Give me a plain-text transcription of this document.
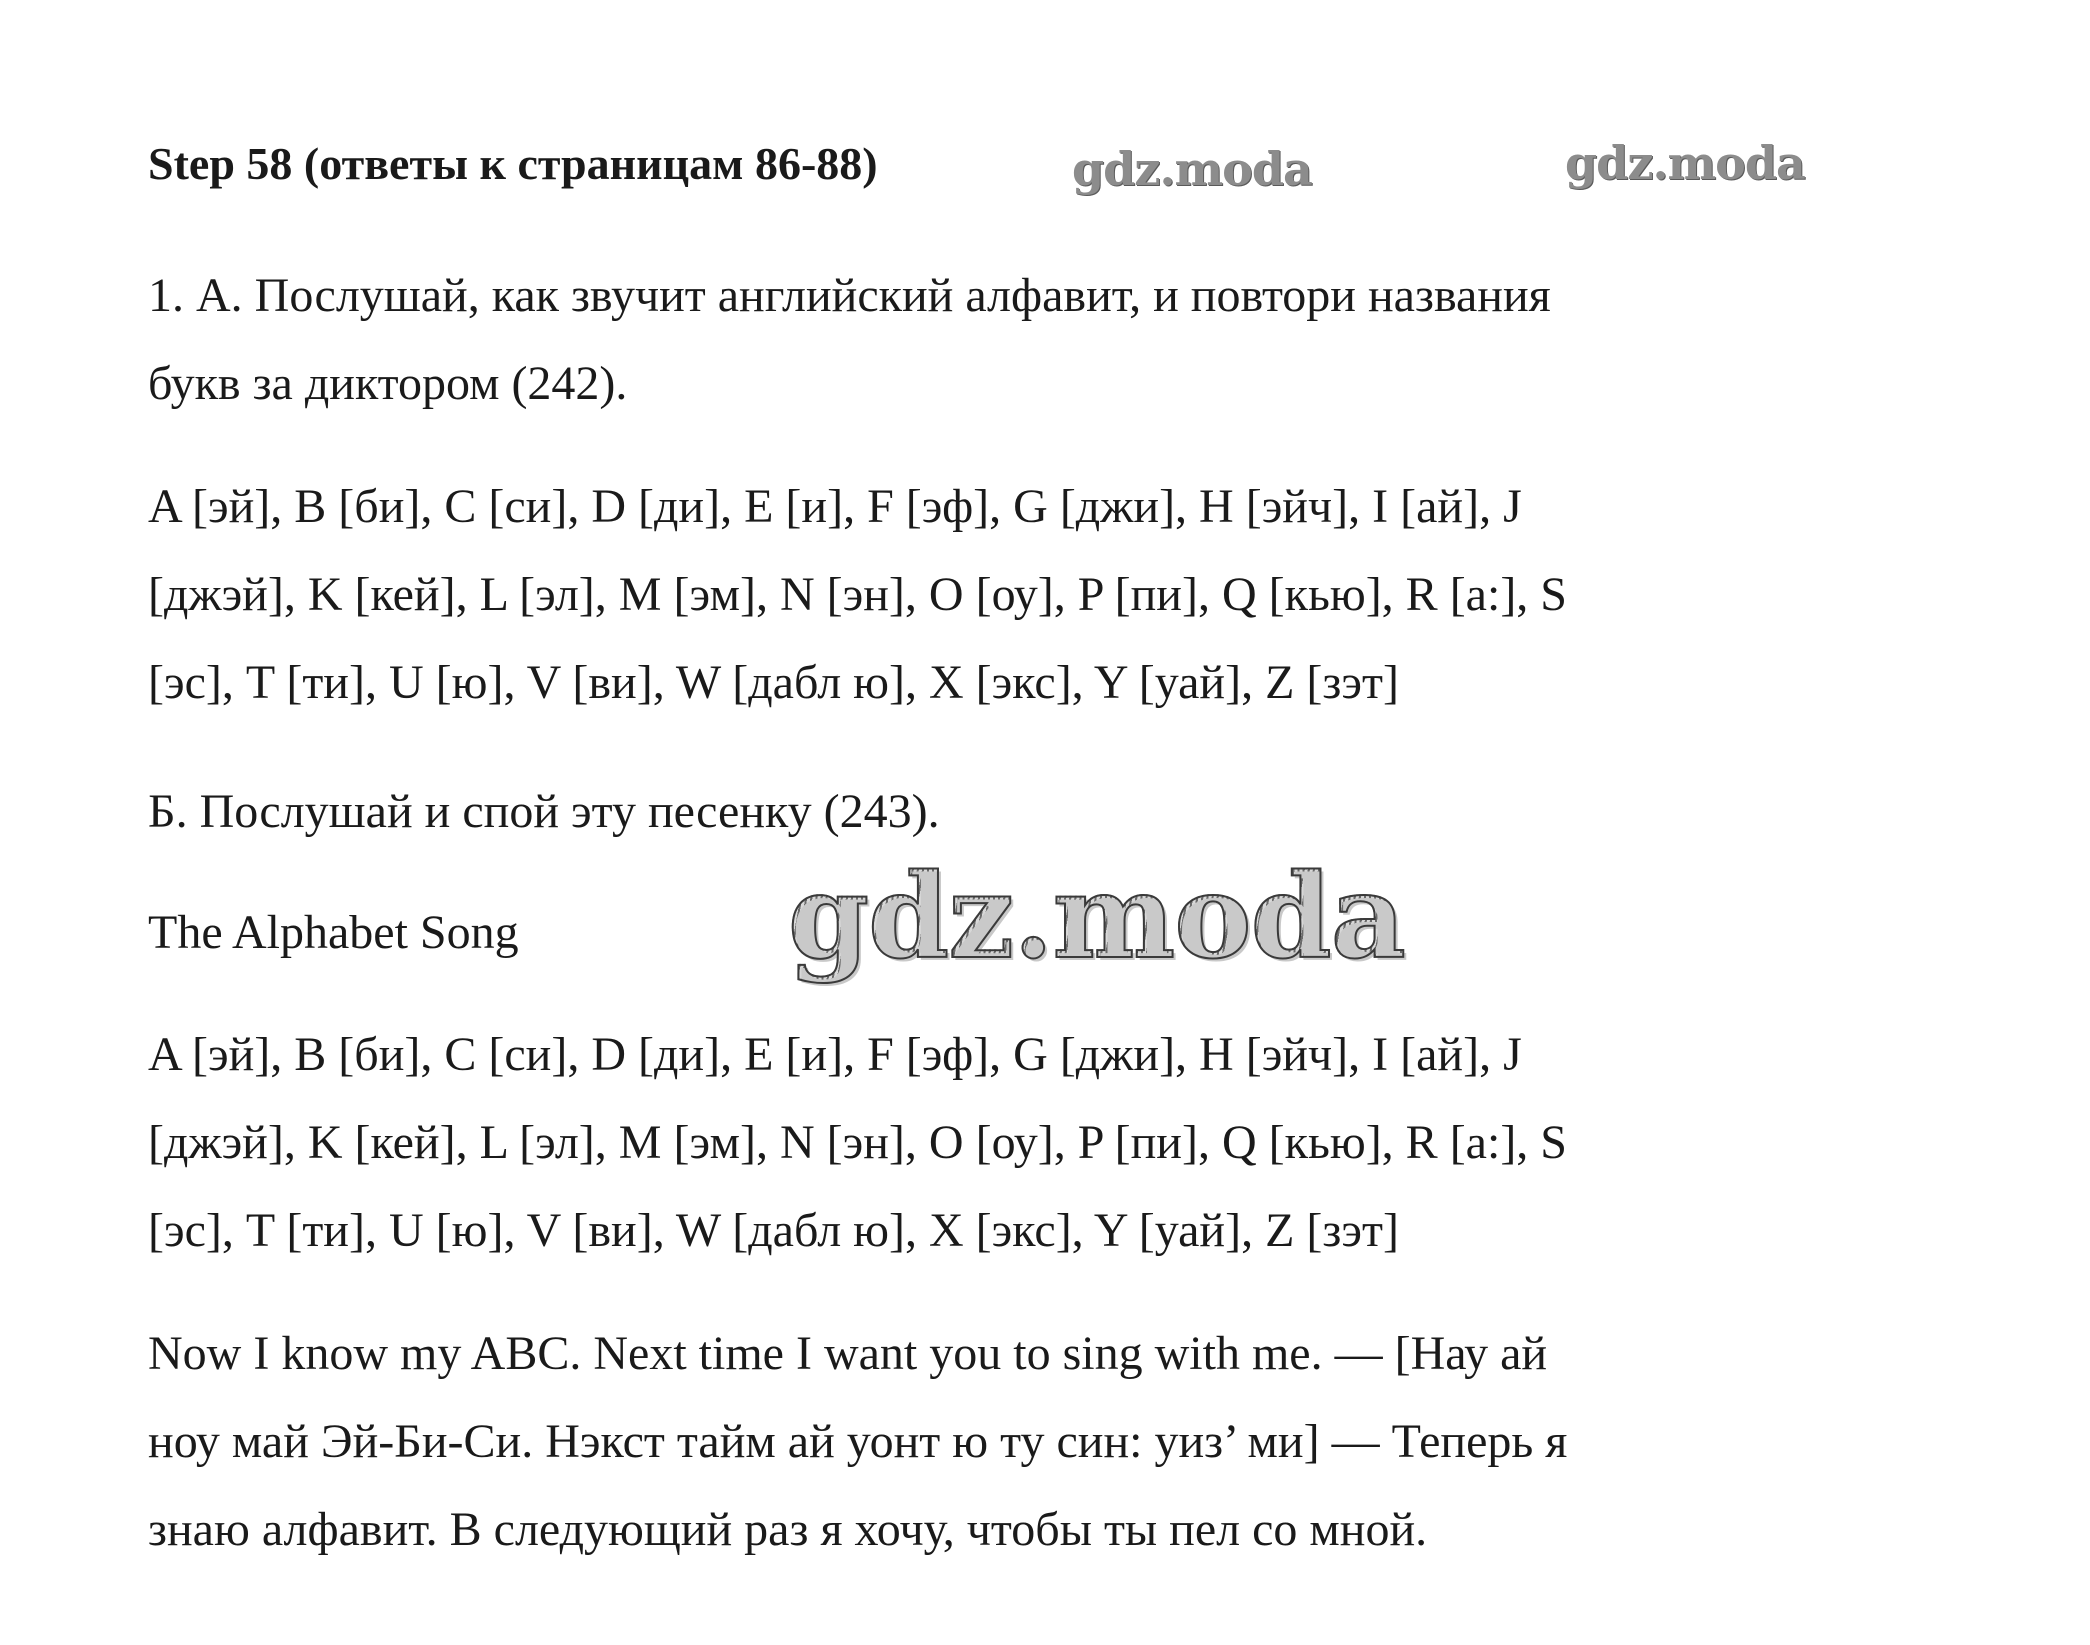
Step 58 (ответы к страницам 86-88)	gdz.moda	gdz.moda

1. А. Послушай, как звучит английский алфавит, и повтори названия
букв за диктором (242).

A [эй], B [би], C [си], D [ди], E [и], F [эф], G [джи], H [эйч], I [ай], J
[джэй], K [кей], L [эл], M [эм], N [эн], O [оу], P [пи], Q [кью], R [а:], S
[эс], T [ти], U [ю], V [ви], W [дабл ю], X [экс], Y [уай], Z [зэт]

Б. Послушай и спой эту песенку (243).

The Alphabet Song	gdz.moda

A [эй], B [би], C [си], D [ди], E [и], F [эф], G [джи], H [эйч], I [ай], J
[джэй], K [кей], L [эл], M [эм], N [эн], O [оу], P [пи], Q [кью], R [а:], S
[эс], T [ти], U [ю], V [ви], W [дабл ю], X [экс], Y [уай], Z [зэт]

Now I know my ABC. Next time I want you to sing with me. — [Нау ай
ноу май Эй-Би-Си. Нэкст тайм ай уонт ю ту син: уиз’ ми] — Теперь я
знаю алфавит. В следующий раз я хочу, чтобы ты пел со мной.
